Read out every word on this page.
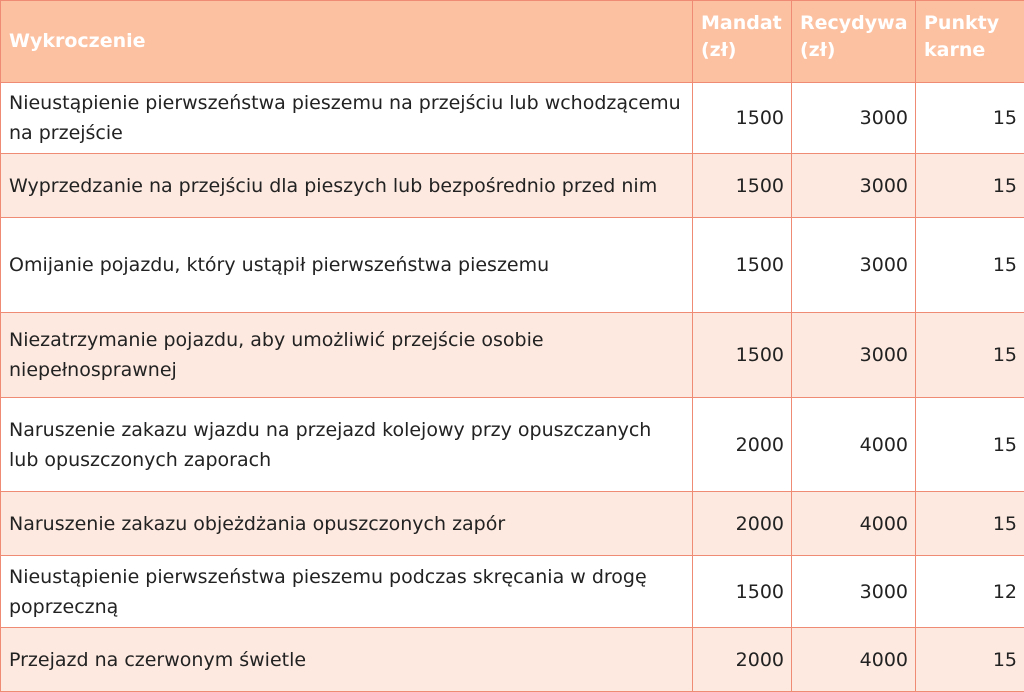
Wykroczenie	Mandat (zł)	Recydywa (zł)	Punkty karne
Nieustąpienie pierwszeństwa pieszemu na przejściu lub wchodzącemu na przejście	1500	3000	15
Wyprzedzanie na przejściu dla pieszych lub bezpośrednio przed nim	1500	3000	15
Omijanie pojazdu, który ustąpił pierwszeństwa pieszemu	1500	3000	15
Niezatrzymanie pojazdu, aby umożliwić przejście osobie niepełnosprawnej	1500	3000	15
Naruszenie zakazu wjazdu na przejazd kolejowy przy opuszczanych lub opuszczonych zaporach	2000	4000	15
Naruszenie zakazu objeżdżania opuszczonych zapór	2000	4000	15
Nieustąpienie pierwszeństwa pieszemu podczas skręcania w drogę poprzeczną	1500	3000	12
Przejazd na czerwonym świetle	2000	4000	15
